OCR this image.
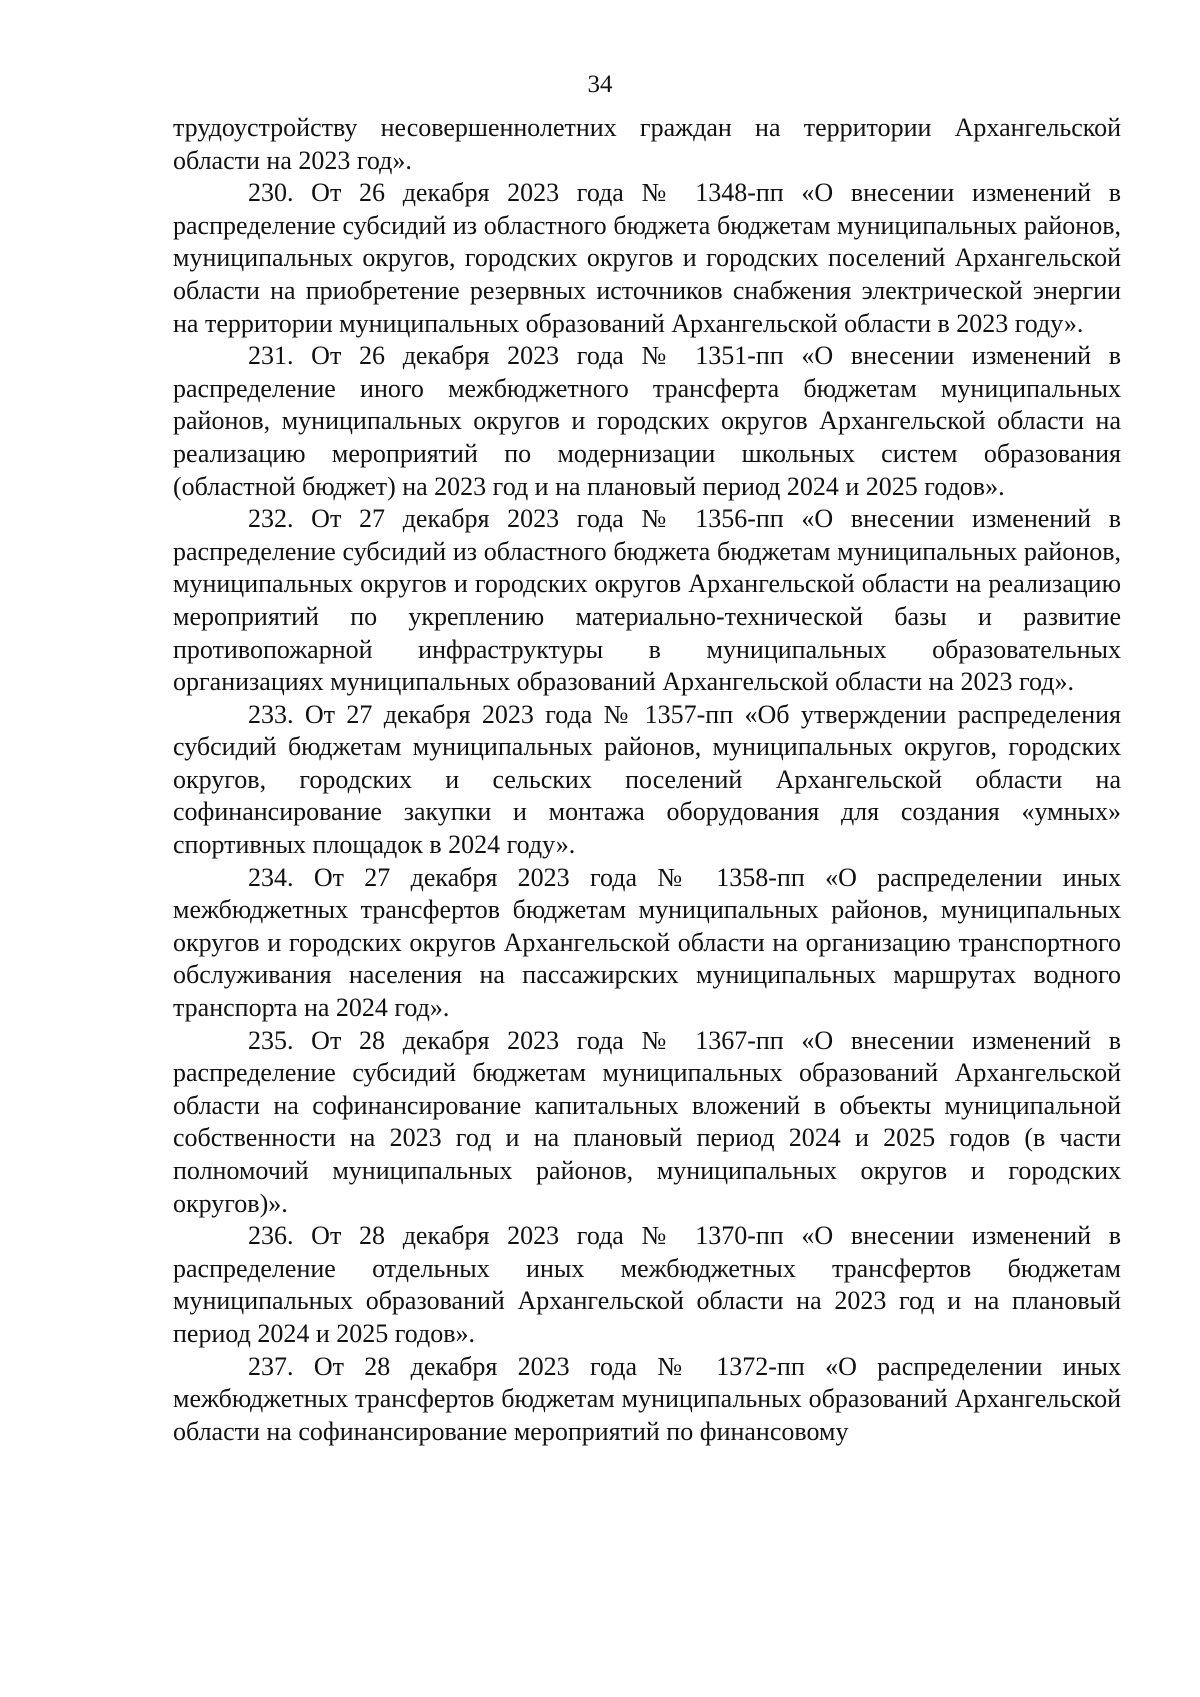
34

трудоустройству несовершеннолетних граждан на территории Архангельской области на 2023 год».

230. От 26 декабря 2023 года № 1348-пп «О внесении изменений в распределение субсидий из областного бюджета бюджетам муниципальных районов, муниципальных округов, городских округов и городских поселений Архангельской области на приобретение резервных источников снабжения электрической энергии на территории муниципальных образований Архангельской области в 2023 году».

231. От 26 декабря 2023 года № 1351-пп «О внесении изменений в распределение иного межбюджетного трансферта бюджетам муниципальных районов, муниципальных округов и городских округов Архангельской области на реализацию мероприятий по модернизации школьных систем образования (областной бюджет) на 2023 год и на плановый период 2024 и 2025 годов».

232. От 27 декабря 2023 года № 1356-пп «О внесении изменений в распределение субсидий из областного бюджета бюджетам муниципальных районов, муниципальных округов и городских округов Архангельской области на реализацию мероприятий по укреплению материально-технической базы и развитие противопожарной инфраструктуры в муниципальных образовательных организациях муниципальных образований Архангельской области на 2023 год».

233. От 27 декабря 2023 года № 1357-пп «Об утверждении распределения субсидий бюджетам муниципальных районов, муниципальных округов, городских округов, городских и сельских поселений Архангельской области на софинансирование закупки и монтажа оборудования для создания «умных» спортивных площадок в 2024 году».

234. От 27 декабря 2023 года № 1358-пп «О распределении иных межбюджетных трансфертов бюджетам муниципальных районов, муниципальных округов и городских округов Архангельской области на организацию транспортного обслуживания населения на пассажирских муниципальных маршрутах водного транспорта на 2024 год».

235. От 28 декабря 2023 года № 1367-пп «О внесении изменений в распределение субсидий бюджетам муниципальных образований Архангельской области на софинансирование капитальных вложений в объекты муниципальной собственности на 2023 год и на плановый период 2024 и 2025 годов (в части полномочий муниципальных районов, муниципальных округов и городских округов)».

236. От 28 декабря 2023 года № 1370-пп «О внесении изменений в распределение отдельных иных межбюджетных трансфертов бюджетам муниципальных образований Архангельской области на 2023 год и на плановый период 2024 и 2025 годов».

237. От 28 декабря 2023 года № 1372-пп «О распределении иных межбюджетных трансфертов бюджетам муниципальных образований Архангельской области на софинансирование мероприятий по финансовому
